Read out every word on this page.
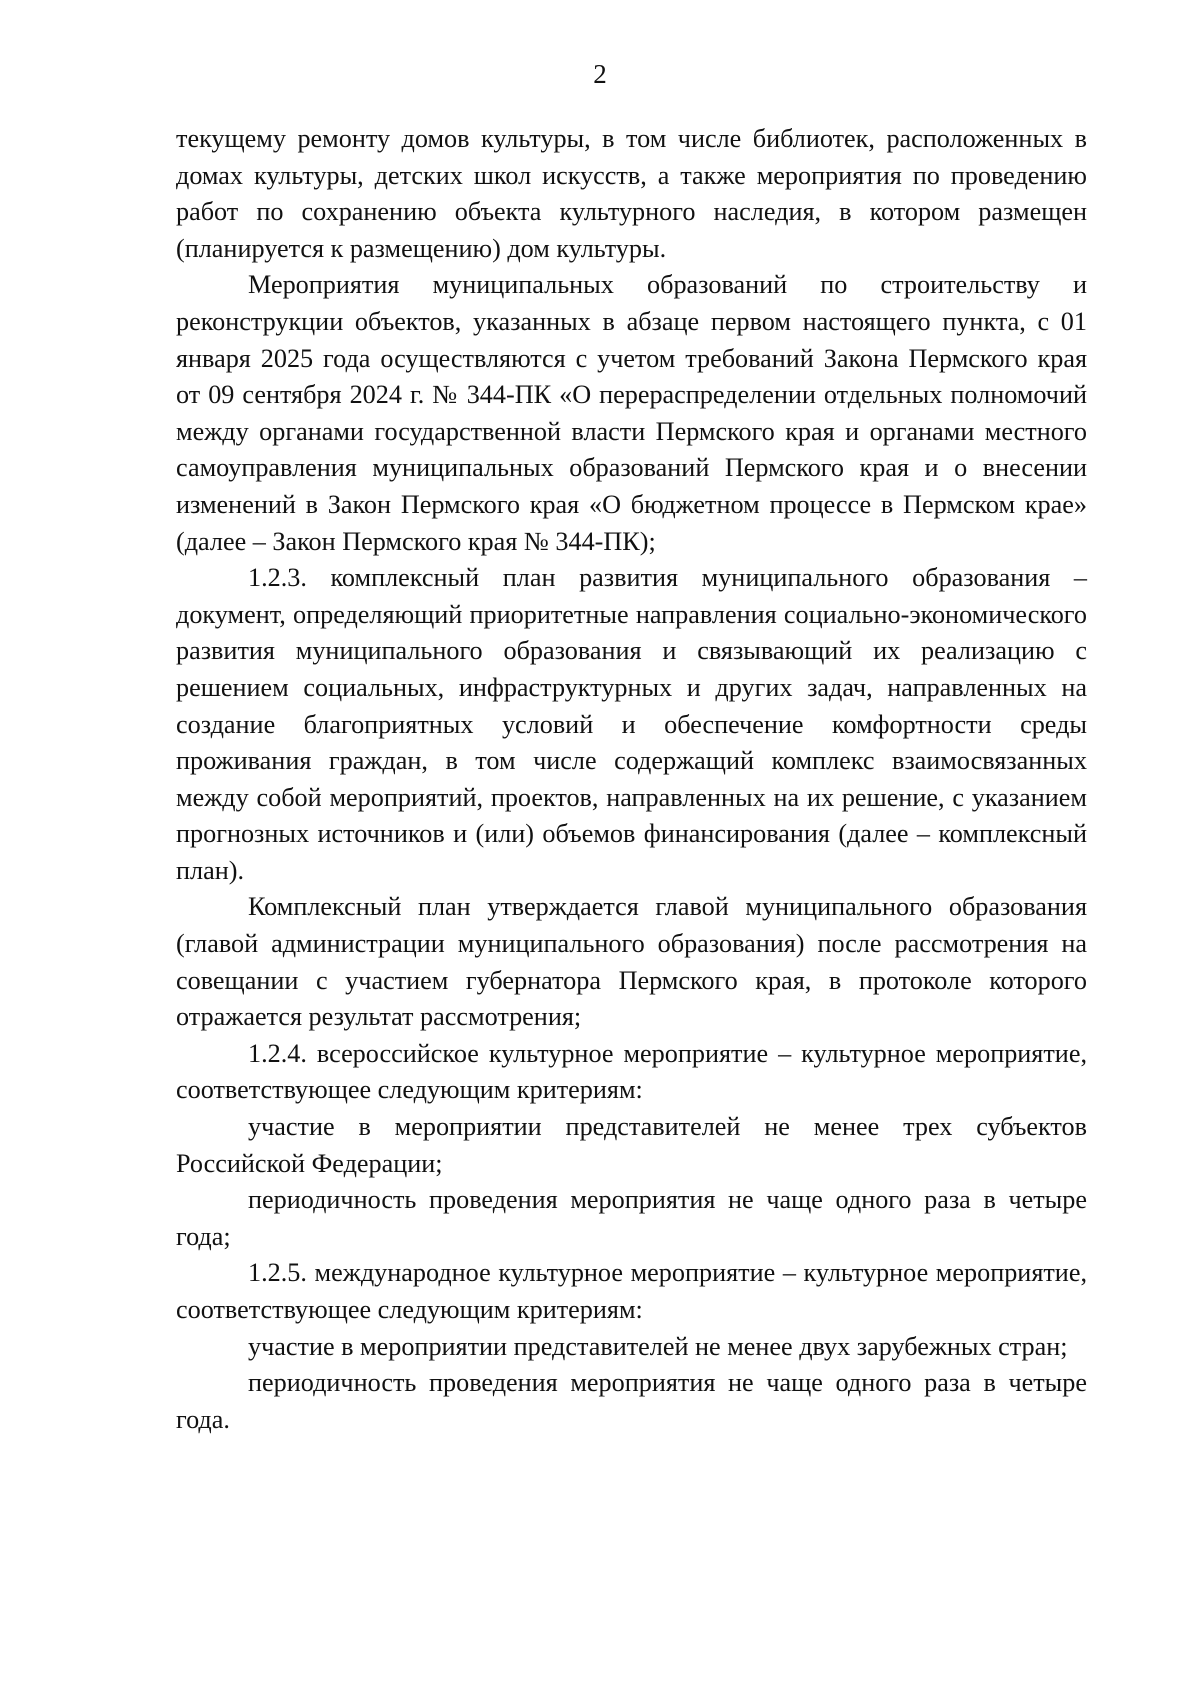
2

текущему ремонту домов культуры, в том числе библиотек, расположенных в домах культуры, детских школ искусств, а также мероприятия по проведению работ по сохранению объекта культурного наследия, в котором размещен (планируется к размещению) дом культуры.

Мероприятия муниципальных образований по строительству и реконструкции объектов, указанных в абзаце первом настоящего пункта, с 01 января 2025 года осуществляются с учетом требований Закона Пермского края от 09 сентября 2024 г. № 344-ПК «О перераспределении отдельных полномочий между органами государственной власти Пермского края и органами местного самоуправления муниципальных образований Пермского края и о внесении изменений в Закон Пермского края «О бюджетном процессе в Пермском крае» (далее – Закон Пермского края № 344-ПК);

1.2.3. комплексный план развития муниципального образования – документ, определяющий приоритетные направления социально-экономического развития муниципального образования и связывающий их реализацию с решением социальных, инфраструктурных и других задач, направленных на создание благоприятных условий и обеспечение комфортности среды проживания граждан, в том числе содержащий комплекс взаимосвязанных между собой мероприятий, проектов, направленных на их решение, с указанием прогнозных источников и (или) объемов финансирования (далее – комплексный план).

Комплексный план утверждается главой муниципального образования (главой администрации муниципального образования) после рассмотрения на совещании с участием губернатора Пермского края, в протоколе которого отражается результат рассмотрения;

1.2.4. всероссийское культурное мероприятие – культурное мероприятие, соответствующее следующим критериям:

участие в мероприятии представителей не менее трех субъектов Российской Федерации;

периодичность проведения мероприятия не чаще одного раза в четыре года;

1.2.5. международное культурное мероприятие – культурное мероприятие, соответствующее следующим критериям:

участие в мероприятии представителей не менее двух зарубежных стран;

периодичность проведения мероприятия не чаще одного раза в четыре года.
